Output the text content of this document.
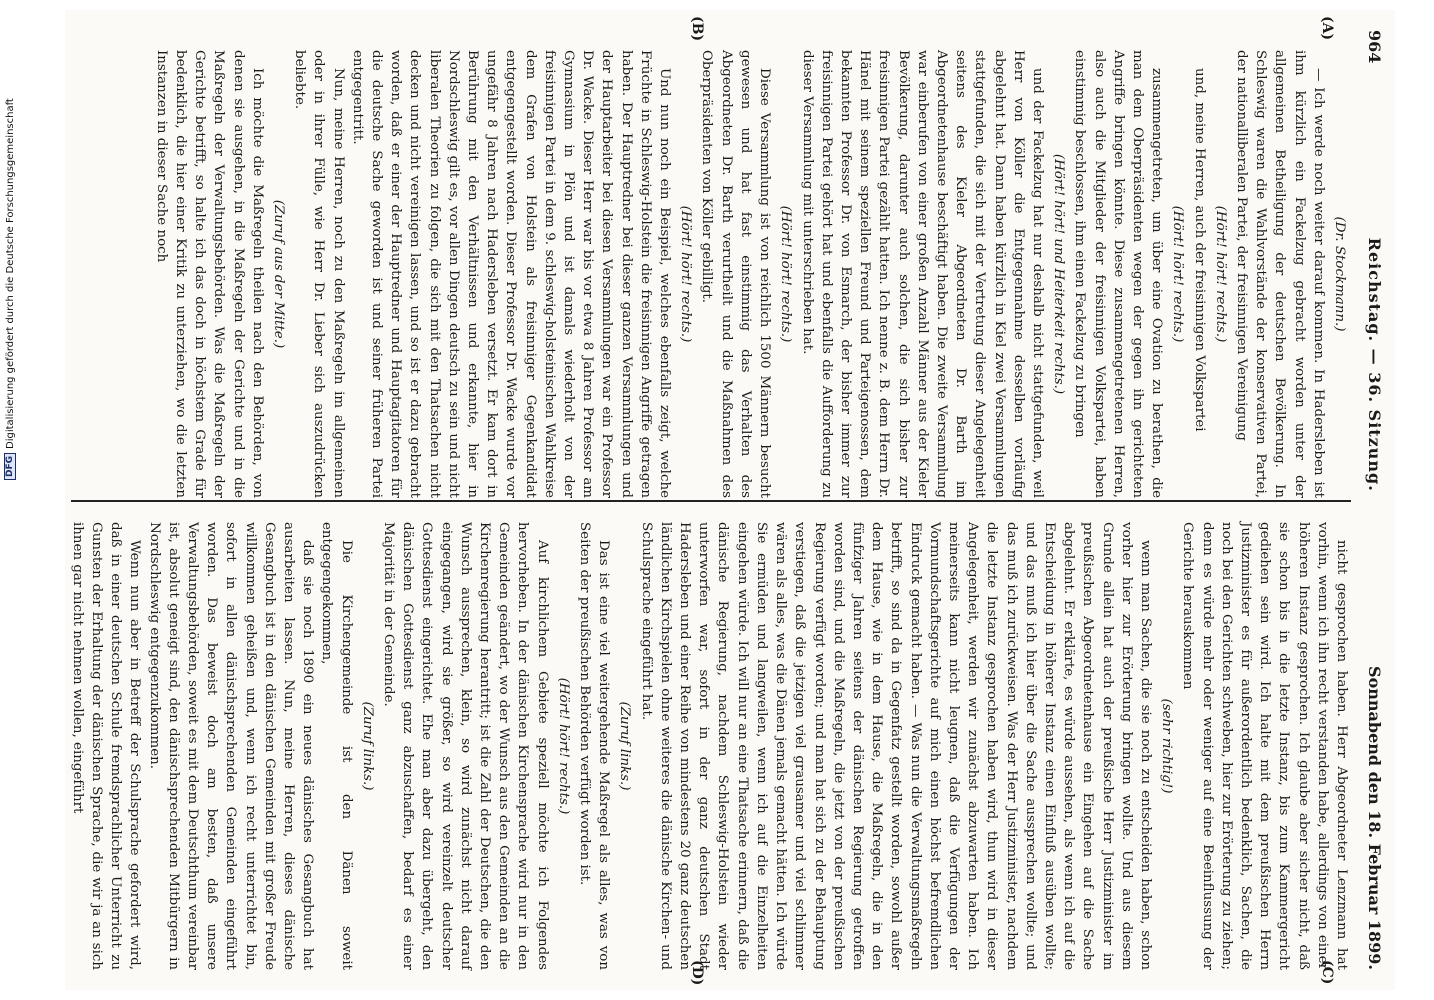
964
Reichstag. — 36. Sitzung.
Sonnabend den 18. Februar 1899.
(A)
(B)
(C)
(D)

(Dr. Stockmann.)

— Ich werde noch weiter darauf kommen. In Hadersleben ist ihm kürzlich ein Fackelzug gebracht worden unter der allgemeinen Betheiligung der deutschen Bevölkerung. In Schleswig waren die Wahlvorstände der konservativen Partei, der nationalliberalen Partei, der freisinnigen Vereinigung

(Hört! hört! rechts.)

und, meine Herren, auch der freisinnigen Volkspartei

(Hört! hört! rechts.)

zusammengetreten, um über eine Ovation zu berathen, die man dem Oberpräsidenten wegen der gegen ihn gerichteten Angriffe bringen könnte. Diese zusammengetretenen Herren, also auch die Mitglieder der freisinnigen Volkspartei, haben einstimmig beschlossen, ihm einen Fackelzug zu bringen

(Hört! hört! und Heiterkeit rechts.)

und der Fackelzug hat nur deshalb nicht stattgefunden, weil Herr von Köller die Entgegennahme desselben vorläufig abgelehnt hat. Dann haben kürzlich in Kiel zwei Versammlungen stattgefunden, die sich mit der Vertretung dieser Angelegenheit seitens des Kieler Abgeordneten Dr. Barth im Abgeordnetenhause beschäftigt haben. Die zweite Versammlung war einberufen von einer großen Anzahl Männer aus der Kieler Bevölkerung, darunter auch solchen, die sich bisher zur freisinnigen Partei gezählt hatten. Ich nenne z. B. dem Herrn Dr. Hänel mit seinem speziellen Freund und Parteigenossen, dem bekannten Professor Dr. von Esmarch, der bisher immer zur freisinnigen Partei gehört hat und ebenfalls die Aufforderung zu dieser Versammlung mit unterschrieben hat.

(Hört! hört! rechts.)

Diese Versammlung ist von reichlich 1500 Männern besucht gewesen und hat fast einstimmig das Verhalten des Abgeordneten Dr. Barth verurtheilt und die Maßnahmen des Oberpräsidenten von Köller gebilligt.

(Hört! hört! rechts.)

Und nun noch ein Beispiel, welches ebenfalls zeigt, welche Früchte in Schleswig-Holstein die freisinnigen Angriffe getragen haben. Der Hauptredner bei dieser ganzen Versammlungen und der Hauptarbeiter bei diesen Versammlungen war ein Professor Dr. Wacke. Dieser Herr war bis vor etwa 8 Jahren Professor am Gymnasium in Plön und ist damals wiederholt von der freisinnigen Partei in dem 9. schleswig-holsteinischen Wahlkreise dem Grafen von Holstein als freisinniger Gegenkandidat entgegengestellt worden. Dieser Professor Dr. Wacke wurde vor ungefähr 8 Jahren nach Hadersleben versetzt. Er kam dort in Berührung mit den Verhältnissen und erkannte, hier in Nordschleswig gilt es, vor allen Dingen deutsch zu sein und nicht liberalen Theorien zu folgen, die sich mit den Thatsachen nicht decken und nicht vereinigen lassen, und so ist er dazu gebracht worden, daß er einer der Hauptredner und Hauptagitatoren für die deutsche Sache geworden ist und seiner früheren Partei entgegentritt.

Nun, meine Herren, noch zu den Maßregeln im allgemeinen oder in ihrer Fülle, wie Herr Dr. Lieber sich auszudrücken beliebte.

(Zuruf aus der Mitte.)

Ich möchte die Maßregeln theilen nach den Behörden, von denen sie ausgehen, in die Maßregeln der Gerichte und in die Maßregeln der Verwaltungsbehörden. Was die Maßregeln der Gerichte betrifft, so halte ich das doch in höchstem Grade für bedenklich, die hier einer Kritik zu unterziehen, wo die letzten Instanzen in dieser Sache noch

nicht gesprochen haben. Herr Abgeordneter Lenzmann hat vorhin, wenn ich ihn recht verstanden habe, allerdings von einer höheren Instanz gesprochen. Ich glaube aber sicher nicht, daß sie schon bis in die letzte Instanz, bis zum Kammergericht gediehen sein wird. Ich halte mit dem preußischen Herrn Justizminister es für außerordentlich bedenklich, Sachen, die noch bei den Gerichten schweben, hier zur Erörterung zu ziehen; denn es würde mehr oder weniger auf eine Beeinflussung der Gerichte herauskommen

(sehr richtig!)

wenn man Sachen, die sie noch zu entscheiden haben, schon vorher hier zur Erörterung bringen wollte. Und aus diesem Grunde allein hat auch der preußische Herr Justizminister im preußischen Abgeordnetenhause ein Eingehen auf die Sache abgelehnt. Er erklärte, es würde aussehen, als wenn ich auf die Entscheidung in höherer Instanz einen Einfluß ausüben wollte; und das muß ich hier über die Sache aussprechen wollte; und das muß ich zurückweisen. Was der Herr Justizminister, nachdem die letzte Instanz gesprochen haben wird, thun wird in dieser Angelegenheit, werden wir zunächst abzuwarten haben. Ich meinerseits kann nicht leugnen, daß die Verfügungen der Vormundschaftsgerichte auf mich einen höchst befremdlichen Eindruck gemacht haben. — Was nun die Verwaltungsmaßregeln betrifft, so sind da in Gegenfatz gestellt worden, sowohl außer dem Hause, wie in dem Hause, die Maßregeln, die in den fünfziger Jahren seitens der dänischen Regierung getroffen worden sind, und die Maßregeln, die jetzt von der preußischen Regierung verfügt worden; und man hat sich zu der Behauptung verstiegen, daß die jetzigen viel grausamer und viel schlimmer wären als alles, was die Dänen jemals gemacht hätten. Ich würde Sie ermüden und langweilen, wenn ich auf die Einzelheiten eingehen würde. Ich will nur an eine Thatsache erinnern, daß die dänische Regierung, nachdem Schleswig-Holstein wieder unterworfen war, sofort in der ganz deutschen Stadt Hadersleben und einer Reihe von mindestens 20 ganz deutschen ländlichen Kirchspielen ohne weiteres die dänische Kirchen- und Schulsprache eingeführt hat.

(Zuruf links.)

Das ist eine viel weitergehende Maßregel als alles, was von Seiten der preußischen Behörden verfügt worden ist.

(Hört! hört! rechts.)

Auf kirchlichem Gebiete speziell möchte ich Folgendes hervorheben. In der dänischen Kirchensprache wird nur in den Gemeinden geändert, wo der Wunsch aus den Gemeinden an die Kirchenregierung herantritt; ist die Zahl der Deutschen, die den Wunsch aussprechen, klein, so wird zunächst nicht darauf eingegangen, wird sie größer, so wird vereinzelt deutscher Gottesdienst eingerichtet. Ehe man aber dazu übergeht, den dänischen Gottesdienst ganz abzuschaffen, bedarf es einer Majorität in der Gemeinde.

(Zuruf links.)

Die Kirchengemeinde ist den Dänen soweit entgegengekommen,

daß sie noch 1890 ein neues dänisches Gesangbuch hat ausarbeiten lassen. Nun, meine Herren, dieses dänische Gesangbuch ist in den dänischen Gemeinden mit großer Freude willkommen geheißen und, wenn ich recht unterrichtet bin, sofort in allen dänischsprechenden Gemeinden eingeführt worden. Das beweist doch am besten, daß unsere Verwaltungsbehörden, soweit es mit dem Deutschthum vereinbar ist, absolut geneigt sind, den dänischsprechenden Mitbürgern in Nordschleswig entgegenzukommen.

Wenn nun aber in Betreff der Schulsprache gefordert wird, daß in einer deutschen Schule fremdsprachlicher Unterricht zu Gunsten der Erhaltung der dänischen Sprache, die wir ja an sich ihnen gar nicht nehmen wollen, eingeführt

DFG
Digitalisierung gefördert durch die Deutsche Forschungsgemeinschaft
